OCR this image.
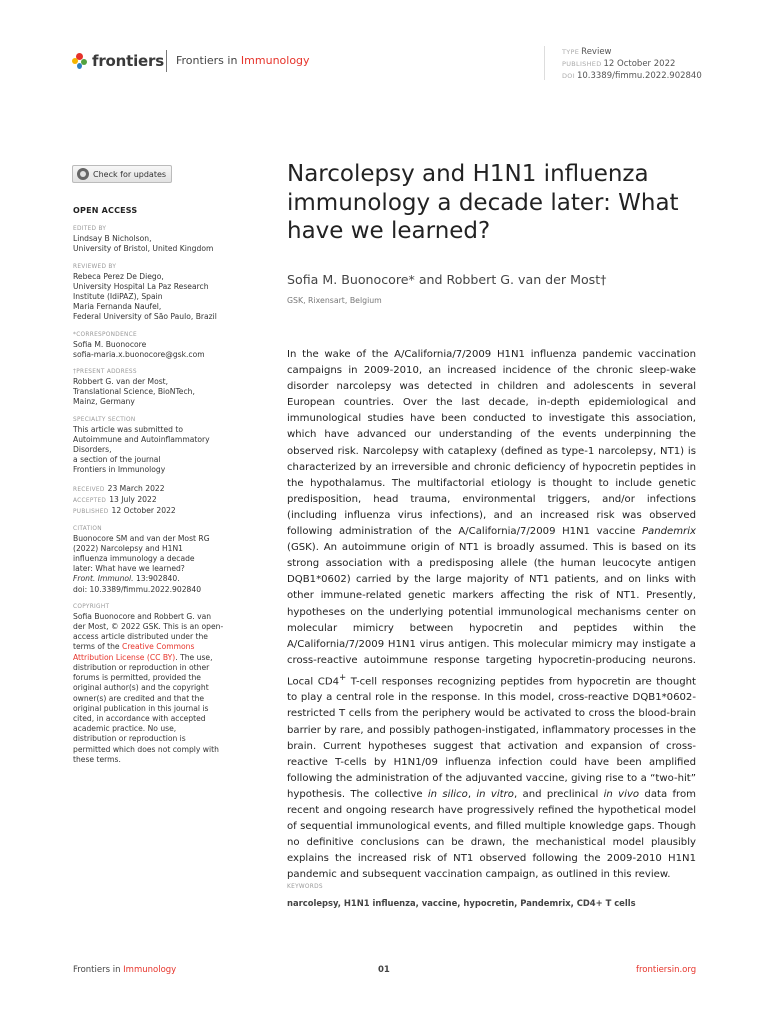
frontiers Frontiers in Immunology
TYPE Review
PUBLISHED 12 October 2022
DOI 10.3389/fimmu.2022.902840
Check for updates
OPEN ACCESS
EDITED BY
Lindsay B Nicholson,
University of Bristol, United Kingdom
REVIEWED BY
Rebeca Perez De Diego,
University Hospital La Paz Research
Institute (IdiPAZ), Spain
Maria Fernanda Naufel,
Federal University of São Paulo, Brazil
*CORRESPONDENCE
Sofia M. Buonocore
sofia-maria.x.buonocore@gsk.com
†PRESENT ADDRESS
Robbert G. van der Most,
Translational Science, BioNTech,
Mainz, Germany
SPECIALTY SECTION
This article was submitted to
Autoimmune and Autoinflammatory
Disorders,
a section of the journal
Frontiers in Immunology
RECEIVED 23 March 2022
ACCEPTED 13 July 2022
PUBLISHED 12 October 2022
CITATION
Buonocore SM and van der Most RG
(2022) Narcolepsy and H1N1
influenza immunology a decade
later: What have we learned?
Front. Immunol. 13:902840.
doi: 10.3389/fimmu.2022.902840
COPYRIGHT
Sofia Buonocore and Robbert G. van
der Most, © 2022 GSK. This is an open-
access article distributed under the
terms of the Creative Commons
Attribution License (CC BY). The use,
distribution or reproduction in other
forums is permitted, provided the
original author(s) and the copyright
owner(s) are credited and that the
original publication in this journal is
cited, in accordance with accepted
academic practice. No use,
distribution or reproduction is
permitted which does not comply with
these terms.
Narcolepsy and H1N1 influenza immunology a decade later: What have we learned?
Sofia M. Buonocore* and Robbert G. van der Most†
GSK, Rixensart, Belgium
In the wake of the A/California/7/2009 H1N1 influenza pandemic vaccination campaigns in 2009-2010, an increased incidence of the chronic sleep-wake disorder narcolepsy was detected in children and adolescents in several European countries. Over the last decade, in-depth epidemiological and immunological studies have been conducted to investigate this association, which have advanced our understanding of the events underpinning the observed risk. Narcolepsy with cataplexy (defined as type-1 narcolepsy, NT1) is characterized by an irreversible and chronic deficiency of hypocretin peptides in the hypothalamus. The multifactorial etiology is thought to include genetic predisposition, head trauma, environmental triggers, and/or infections (including influenza virus infections), and an increased risk was observed following administration of the A/California/7/2009 H1N1 vaccine Pandemrix (GSK). An autoimmune origin of NT1 is broadly assumed. This is based on its strong association with a predisposing allele (the human leucocyte antigen DQB1*0602) carried by the large majority of NT1 patients, and on links with other immune-related genetic markers affecting the risk of NT1. Presently, hypotheses on the underlying potential immunological mechanisms center on molecular mimicry between hypocretin and peptides within the A/California/7/2009 H1N1 virus antigen. This molecular mimicry may instigate a cross-reactive autoimmune response targeting hypocretin-producing neurons. Local CD4+ T-cell responses recognizing peptides from hypocretin are thought to play a central role in the response. In this model, cross-reactive DQB1*0602-restricted T cells from the periphery would be activated to cross the blood-brain barrier by rare, and possibly pathogen-instigated, inflammatory processes in the brain. Current hypotheses suggest that activation and expansion of cross-reactive T-cells by H1N1/09 influenza infection could have been amplified following the administration of the adjuvanted vaccine, giving rise to a “two-hit” hypothesis. The collective in silico, in vitro, and preclinical in vivo data from recent and ongoing research have progressively refined the hypothetical model of sequential immunological events, and filled multiple knowledge gaps. Though no definitive conclusions can be drawn, the mechanistical model plausibly explains the increased risk of NT1 observed following the 2009-2010 H1N1 pandemic and subsequent vaccination campaign, as outlined in this review.
KEYWORDS
narcolepsy, H1N1 influenza, vaccine, hypocretin, Pandemrix, CD4+ T cells
Frontiers in Immunology	01	frontiersin.org
